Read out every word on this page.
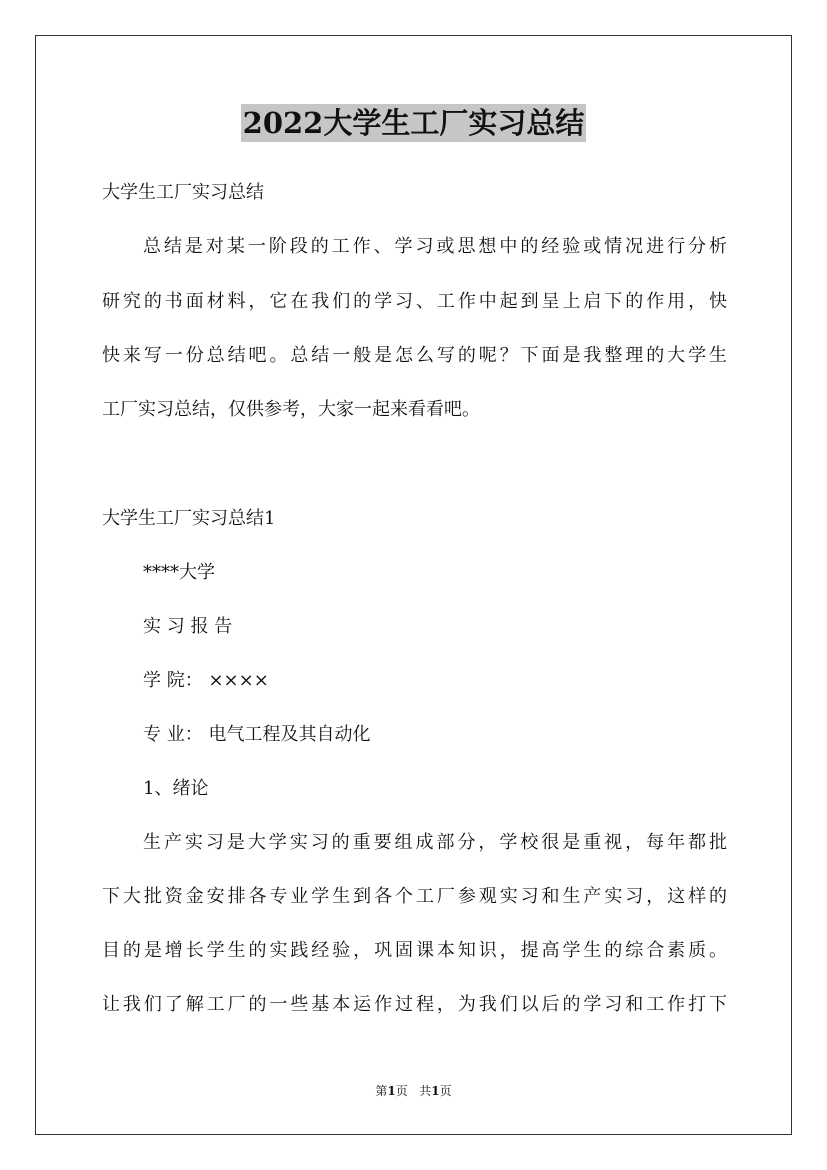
2022大学生工厂实习总结

大学生工厂实习总结

总结是对某一阶段的工作、学习或思想中的经验或情况进行分析

研究的书面材料，它在我们的学习、工作中起到呈上启下的作用，快

快来写一份总结吧。总结一般是怎么写的呢？下面是我整理的大学生

工厂实习总结，仅供参考，大家一起来看看吧。

大学生工厂实习总结1

****大学

实 习 报 告

学 院： ××××

专 业： 电气工程及其自动化

1、绪论

生产实习是大学实习的重要组成部分，学校很是重视，每年都批

下大批资金安排各专业学生到各个工厂参观实习和生产实习，这样的

目的是增长学生的实践经验，巩固课本知识，提高学生的综合素质。

让我们了解工厂的一些基本运作过程，为我们以后的学习和工作打下

第1页 共1页
